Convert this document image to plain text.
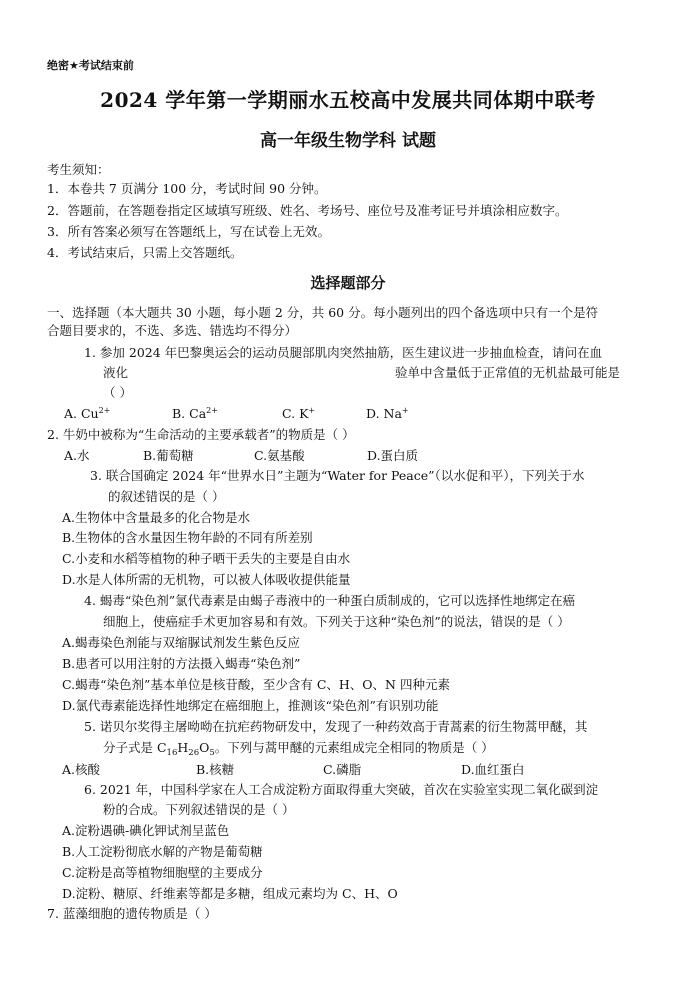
绝密★考试结束前
2024 学年第一学期丽水五校高中发展共同体期中联考
高一年级生物学科 试题
考生须知：
1．本卷共 7 页满分 100 分，考试时间 90 分钟。
2．答题前，在答题卷指定区域填写班级、姓名、考场号、座位号及准考证号并填涂相应数字。
3．所有答案必须写在答题纸上，写在试卷上无效。
4．考试结束后，只需上交答题纸。
选择题部分
一、选择题（本大题共 30 小题，每小题 2 分，共 60 分。每小题列出的四个备选项中只有一个是符
合题目要求的，不选、多选、错选均不得分）
1. 参加 2024 年巴黎奥运会的运动员腿部肌肉突然抽筋，医生建议进一步抽血检查，请问在血
液化	验单中含量低于正常值的无机盐最可能是
（ ）
A. $Cu^{2+}$	B. $Ca^{2+}$	C. K+	D. Na+
2. 牛奶中被称为“生命活动的主要承载者”的物质是（ ）
A.水	B.葡萄糖	C.氨基酸	D.蛋白质
3. 联合国确定 2024 年“世界水日”主题为“Water for Peace”（以水促和平），下列关于水
的叙述错误的是（ ）
A.生物体中含量最多的化合物是水
B.生物体的含水量因生物年龄的不同有所差别
C.小麦和水稻等植物的种子晒干丢失的主要是自由水
D.水是人体所需的无机物，可以被人体吸收提供能量
4. 蝎毒“染色剂”氯代毒素是由蝎子毒液中的一种蛋白质制成的，它可以选择性地绑定在癌
细胞上，使癌症手术更加容易和有效。下列关于这种“染色剂”的说法，错误的是（ ）
A.蝎毒染色剂能与双缩脲试剂发生紫色反应
B.患者可以用注射的方法摄入蝎毒“染色剂”
C.蝎毒“染色剂”基本单位是核苷酸，至少含有 C、H、O、N 四种元素
D.氯代毒素能选择性地绑定在癌细胞上，推测该“染色剂”有识别功能
5. 诺贝尔奖得主屠呦呦在抗疟药物研发中，发现了一种药效高于青蒿素的衍生物蒿甲醚，其
分子式是 $C_{16}H_{26}O_5$。下列与蒿甲醚的元素组成完全相同的物质是（ ）
A.核酸	B.核糖	C.磷脂	D.血红蛋白
6. 2021 年，中国科学家在人工合成淀粉方面取得重大突破，首次在实验室实现二氧化碳到淀
粉的合成。下列叙述错误的是（ ）
A.淀粉遇碘-碘化钾试剂呈蓝色
B.人工淀粉彻底水解的产物是葡萄糖
C.淀粉是高等植物细胞壁的主要成分
D.淀粉、糖原、纤维素等都是多糖，组成元素均为 C、H、O
7. 蓝藻细胞的遗传物质是（ ）
